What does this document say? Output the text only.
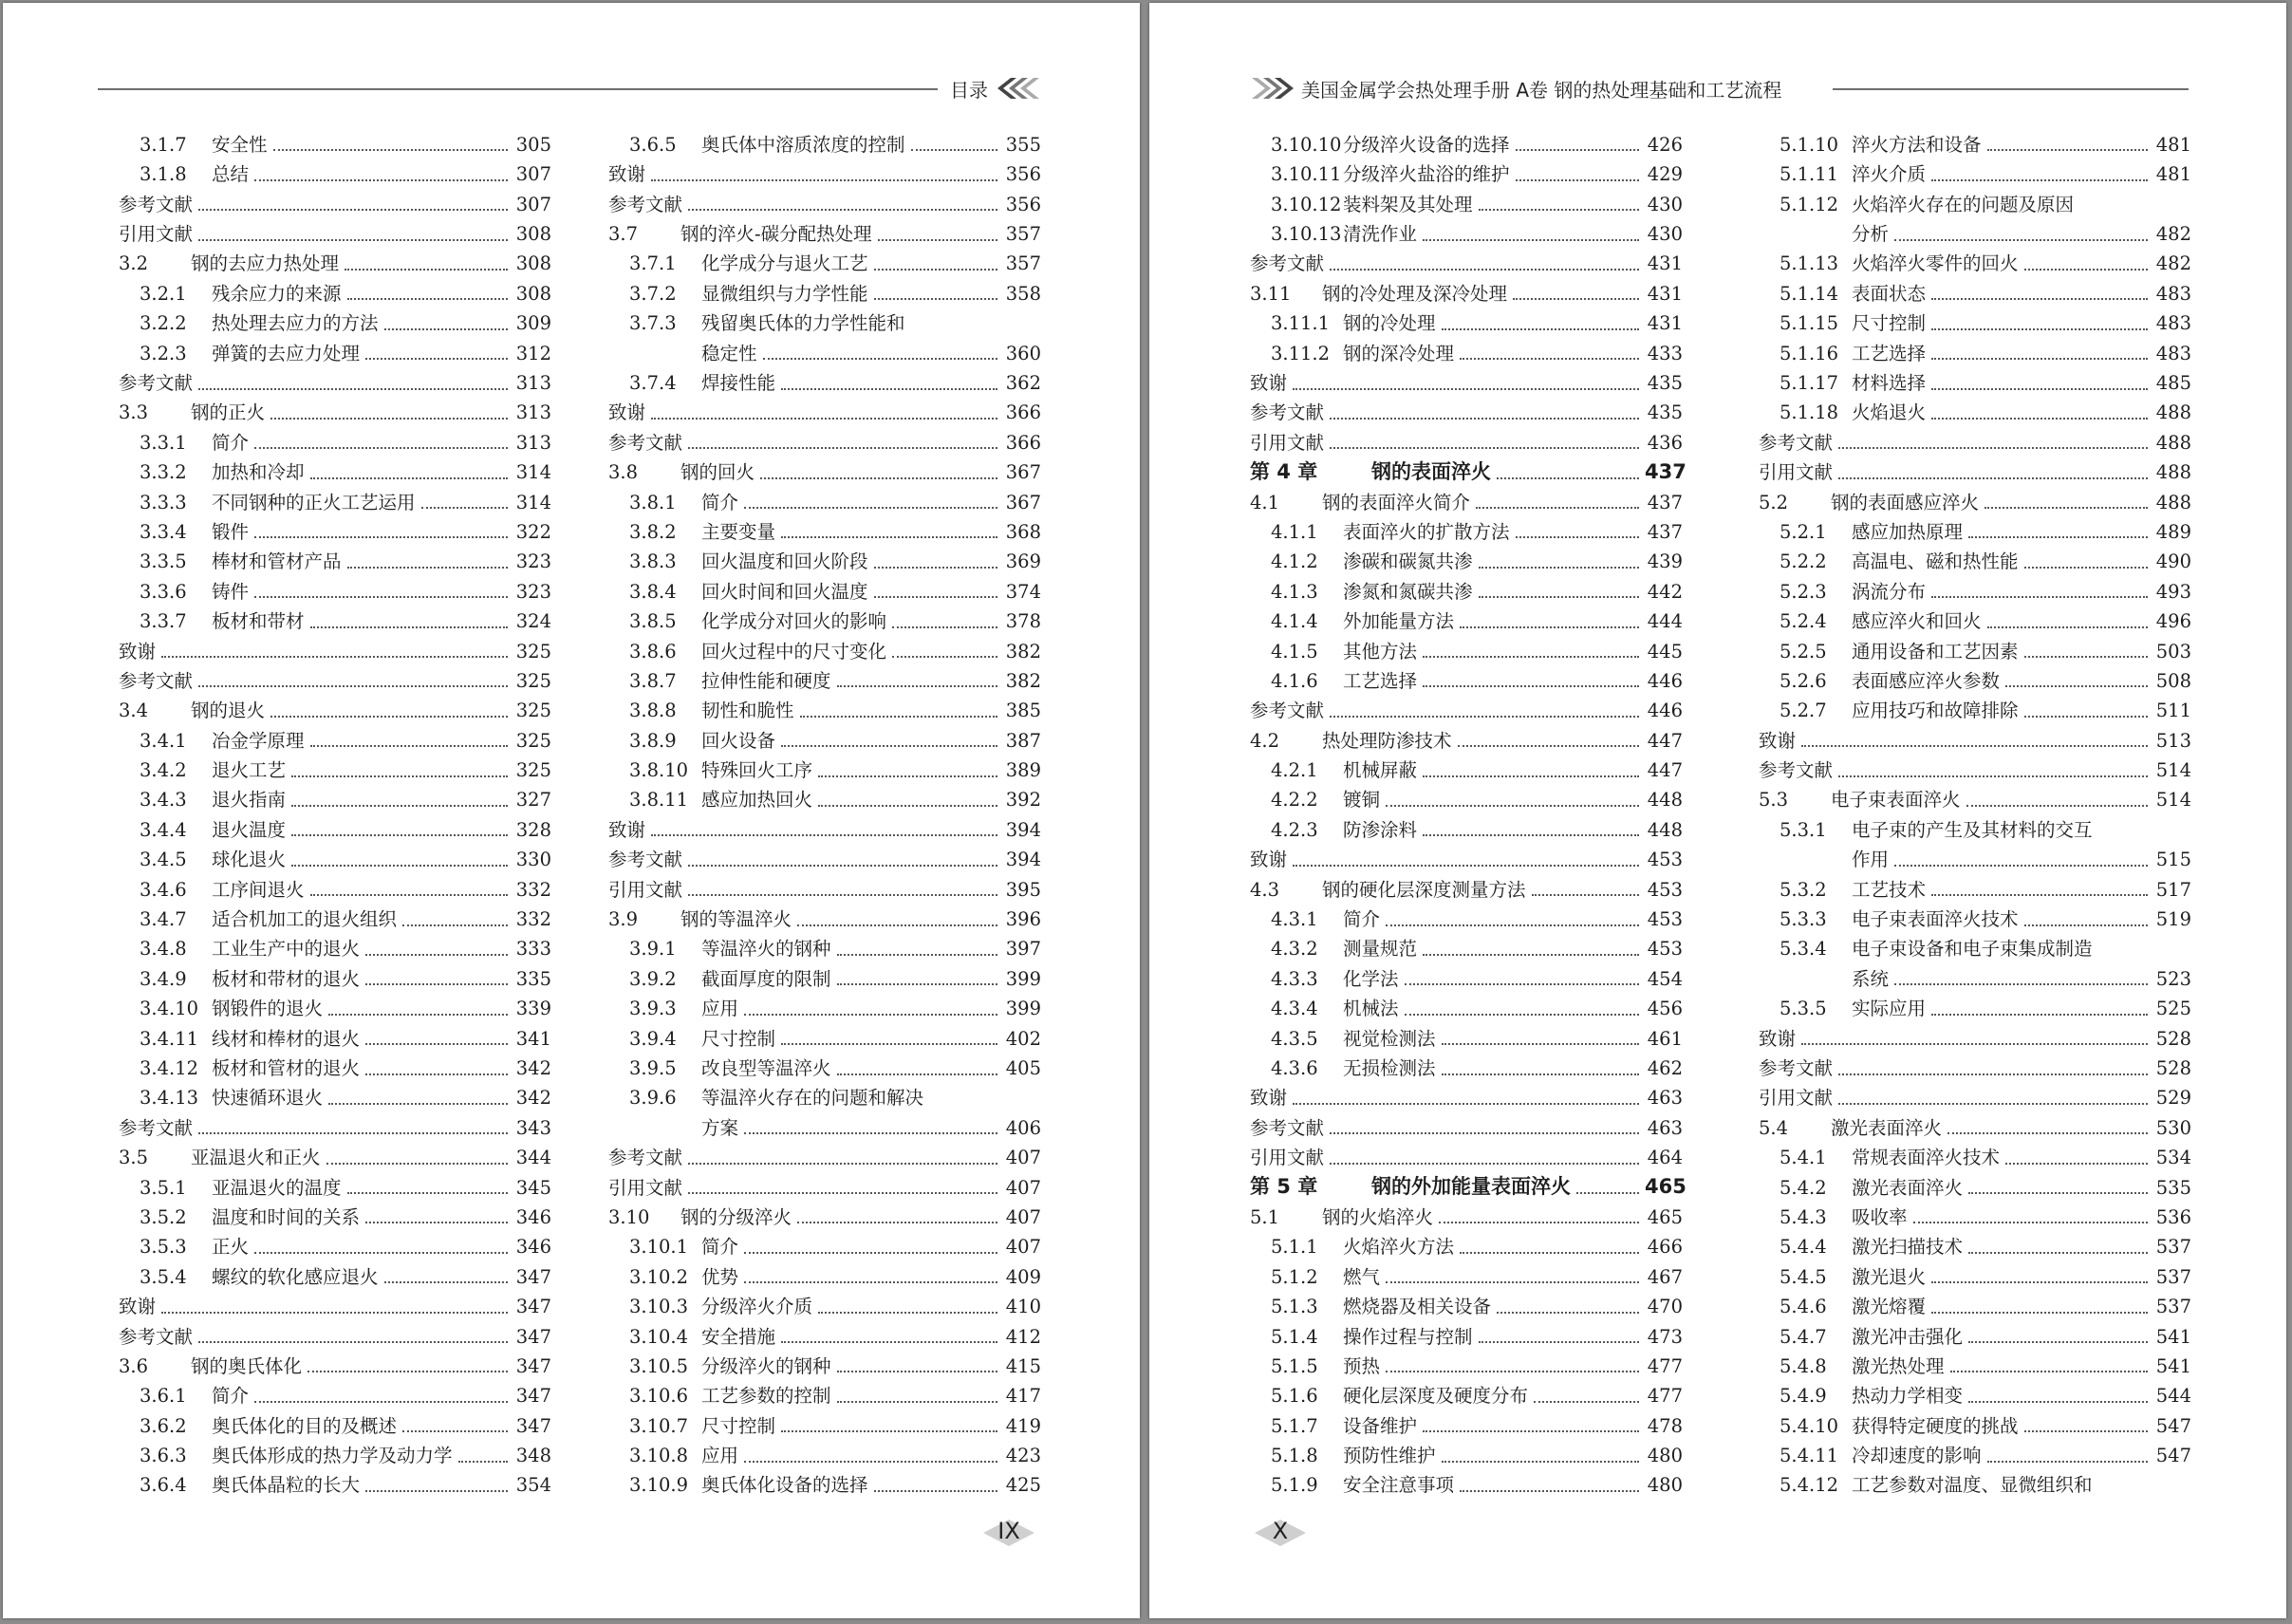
目录
3.1.7	安全性	305
3.1.8	总结	307
参考文献	307
引用文献	308
3.2	钢的去应力热处理	308
3.2.1	残余应力的来源	308
3.2.2	热处理去应力的方法	309
3.2.3	弹簧的去应力处理	312
参考文献	313
3.3	钢的正火	313
3.3.1	简介	313
3.3.2	加热和冷却	314
3.3.3	不同钢种的正火工艺运用	314
3.3.4	锻件	322
3.3.5	棒材和管材产品	323
3.3.6	铸件	323
3.3.7	板材和带材	324
致谢	325
参考文献	325
3.4	钢的退火	325
3.4.1	冶金学原理	325
3.4.2	退火工艺	325
3.4.3	退火指南	327
3.4.4	退火温度	328
3.4.5	球化退火	330
3.4.6	工序间退火	332
3.4.7	适合机加工的退火组织	332
3.4.8	工业生产中的退火	333
3.4.9	板材和带材的退火	335
3.4.10 钢锻件的退火	339
3.4.11 线材和棒材的退火	341
3.4.12 板材和管材的退火	342
3.4.13 快速循环退火	342
参考文献	343
3.5	亚温退火和正火	344
3.5.1	亚温退火的温度	345
3.5.2	温度和时间的关系	346
3.5.3	正火	346
3.5.4	螺纹的软化感应退火	347
致谢	347
参考文献	347
3.6	钢的奥氏体化	347
3.6.1	简介	347
3.6.2	奥氏体化的目的及概述	347
3.6.3	奥氏体形成的热力学及动力学	348
3.6.4	奥氏体晶粒的长大	354
3.6.5	奥氏体中溶质浓度的控制	355
致谢	356
参考文献	356
3.7	钢的淬火-碳分配热处理	357
3.7.1	化学成分与退火工艺	357
3.7.2	显微组织与力学性能	358
3.7.3	残留奥氏体的力学性能和
稳定性	360
3.7.4	焊接性能	362
致谢	366
参考文献	366
3.8	钢的回火	367
3.8.1	简介	367
3.8.2	主要变量	368
3.8.3	回火温度和回火阶段	369
3.8.4	回火时间和回火温度	374
3.8.5	化学成分对回火的影响	378
3.8.6	回火过程中的尺寸变化	382
3.8.7	拉伸性能和硬度	382
3.8.8	韧性和脆性	385
3.8.9	回火设备	387
3.8.10 特殊回火工序	389
3.8.11 感应加热回火	392
致谢	394
参考文献	394
引用文献	395
3.9	钢的等温淬火	396
3.9.1	等温淬火的钢种	397
3.9.2	截面厚度的限制	399
3.9.3	应用	399
3.9.4	尺寸控制	402
3.9.5	改良型等温淬火	405
3.9.6	等温淬火存在的问题和解决
方案	406
参考文献	407
引用文献	407
3.10	钢的分级淬火	407
3.10.1 简介	407
3.10.2 优势	409
3.10.3 分级淬火介质	410
3.10.4 安全措施	412
3.10.5 分级淬火的钢种	415
3.10.6 工艺参数的控制	417
3.10.7 尺寸控制	419
3.10.8 应用	423
3.10.9 奥氏体化设备的选择	425
IX
美国金属学会热处理手册 A卷 钢的热处理基础和工艺流程
3.10.10 分级淬火设备的选择	426
3.10.11 分级淬火盐浴的维护	429
3.10.12 装料架及其处理	430
3.10.13 清洗作业	430
参考文献	431
3.11	钢的冷处理及深冷处理	431
3.11.1 钢的冷处理	431
3.11.2 钢的深冷处理	433
致谢	435
参考文献	435
引用文献	436
第 4 章	钢的表面淬火	437
4.1	钢的表面淬火简介	437
4.1.1	表面淬火的扩散方法	437
4.1.2	渗碳和碳氮共渗	439
4.1.3	渗氮和氮碳共渗	442
4.1.4	外加能量方法	444
4.1.5	其他方法	445
4.1.6	工艺选择	446
参考文献	446
4.2	热处理防渗技术	447
4.2.1	机械屏蔽	447
4.2.2	镀铜	448
4.2.3	防渗涂料	448
致谢	453
4.3	钢的硬化层深度测量方法	453
4.3.1	简介	453
4.3.2	测量规范	453
4.3.3	化学法	454
4.3.4	机械法	456
4.3.5	视觉检测法	461
4.3.6	无损检测法	462
致谢	463
参考文献	463
引用文献	464
第 5 章	钢的外加能量表面淬火	465
5.1	钢的火焰淬火	465
5.1.1	火焰淬火方法	466
5.1.2	燃气	467
5.1.3	燃烧器及相关设备	470
5.1.4	操作过程与控制	473
5.1.5	预热	477
5.1.6	硬化层深度及硬度分布	477
5.1.7	设备维护	478
5.1.8	预防性维护	480
5.1.9	安全注意事项	480
5.1.10 淬火方法和设备	481
5.1.11 淬火介质	481
5.1.12 火焰淬火存在的问题及原因
分析	482
5.1.13 火焰淬火零件的回火	482
5.1.14 表面状态	483
5.1.15 尺寸控制	483
5.1.16 工艺选择	483
5.1.17 材料选择	485
5.1.18 火焰退火	488
参考文献	488
引用文献	488
5.2	钢的表面感应淬火	488
5.2.1	感应加热原理	489
5.2.2	高温电、磁和热性能	490
5.2.3	涡流分布	493
5.2.4	感应淬火和回火	496
5.2.5	通用设备和工艺因素	503
5.2.6	表面感应淬火参数	508
5.2.7	应用技巧和故障排除	511
致谢	513
参考文献	514
5.3	电子束表面淬火	514
5.3.1	电子束的产生及其材料的交互
作用	515
5.3.2	工艺技术	517
5.3.3	电子束表面淬火技术	519
5.3.4	电子束设备和电子束集成制造
系统	523
5.3.5	实际应用	525
致谢	528
参考文献	528
引用文献	529
5.4	激光表面淬火	530
5.4.1	常规表面淬火技术	534
5.4.2	激光表面淬火	535
5.4.3	吸收率	536
5.4.4	激光扫描技术	537
5.4.5	激光退火	537
5.4.6	激光熔覆	537
5.4.7	激光冲击强化	541
5.4.8	激光热处理	541
5.4.9	热动力学相变	544
5.4.10 获得特定硬度的挑战	547
5.4.11 冷却速度的影响	547
5.4.12 工艺参数对温度、显微组织和
X
